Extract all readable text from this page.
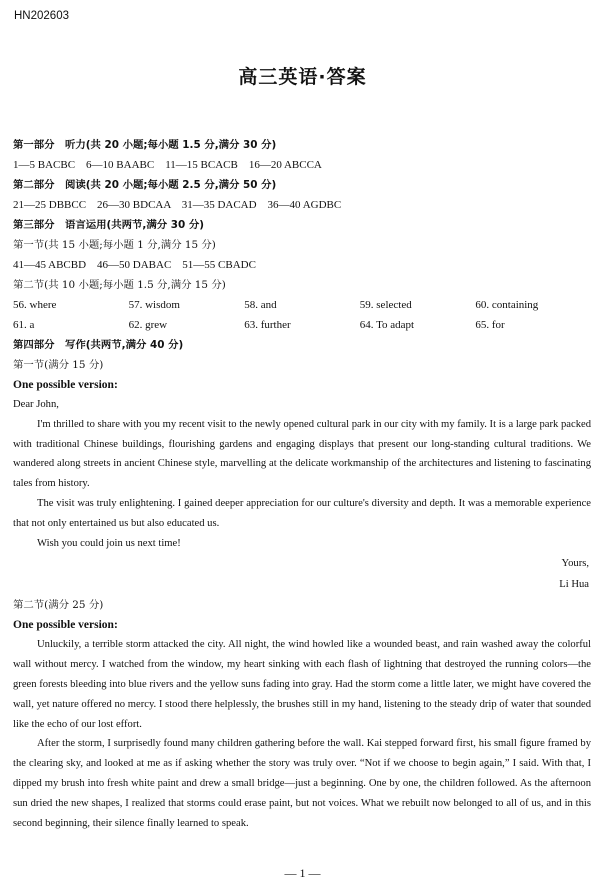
HN202603
高三英语·答案
第一部分　听力(共 20 小题;每小题 1.5 分,满分 30 分)
1—5 BACBC　6—10 BAABC　11—15 BCACB　16—20 ABCCA
第二部分　阅读(共 20 小题;每小题 2.5 分,满分 50 分)
21—25 DBBCC　26—30 BDCAA　31—35 DACAD　36—40 AGDBC
第三部分　语言运用(共两节,满分 30 分)
第一节(共 15 小题;每小题 1 分,满分 15 分)
41—45 ABCBD　46—50 DABAC　51—55 CBADC
第二节(共 10 小题;每小题 1.5 分,满分 15 分)
56. where	57. wisdom	58. and	59. selected	60. containing
61. a	62. grew	63. further	64. To adapt	65. for
第四部分　写作(共两节,满分 40 分)
第一节(满分 15 分)
One possible version:

Dear John,

I'm thrilled to share with you my recent visit to the newly opened cultural park in our city with my family. It is a large park packed with traditional Chinese buildings, flourishing gardens and engaging displays that present our long-standing cultural traditions. We wandered along streets in ancient Chinese style, marvelling at the delicate workmanship of the architectures and listening to fascinating tales from history.

The visit was truly enlightening. I gained deeper appreciation for our culture's diversity and depth. It was a memorable experience that not only entertained us but also educated us.

Wish you could join us next time!

Yours,
Li Hua
第二节(满分 25 分)
One possible version:

Unluckily, a terrible storm attacked the city. All night, the wind howled like a wounded beast, and rain washed away the colorful wall without mercy. I watched from the window, my heart sinking with each flash of lightning that destroyed the running colors—the green forests bleeding into blue rivers and the yellow suns fading into gray. Had the storm come a little later, we might have covered the wall, yet nature offered no mercy. I stood there helplessly, the brushes still in my hand, listening to the steady drip of water that sounded like the echo of our lost effort.

After the storm, I surprisedly found many children gathering before the wall. Kai stepped forward first, his small figure framed by the clearing sky, and looked at me as if asking whether the story was truly over. “Not if we choose to begin again,” I said. With that, I dipped my brush into fresh white paint and drew a small bridge—just a beginning. One by one, the children followed. As the afternoon sun dried the new shapes, I realized that storms could erase paint, but not voices. What we rebuilt now belonged to all of us, and in this second beginning, their silence finally learned to speak.

— 1 —
